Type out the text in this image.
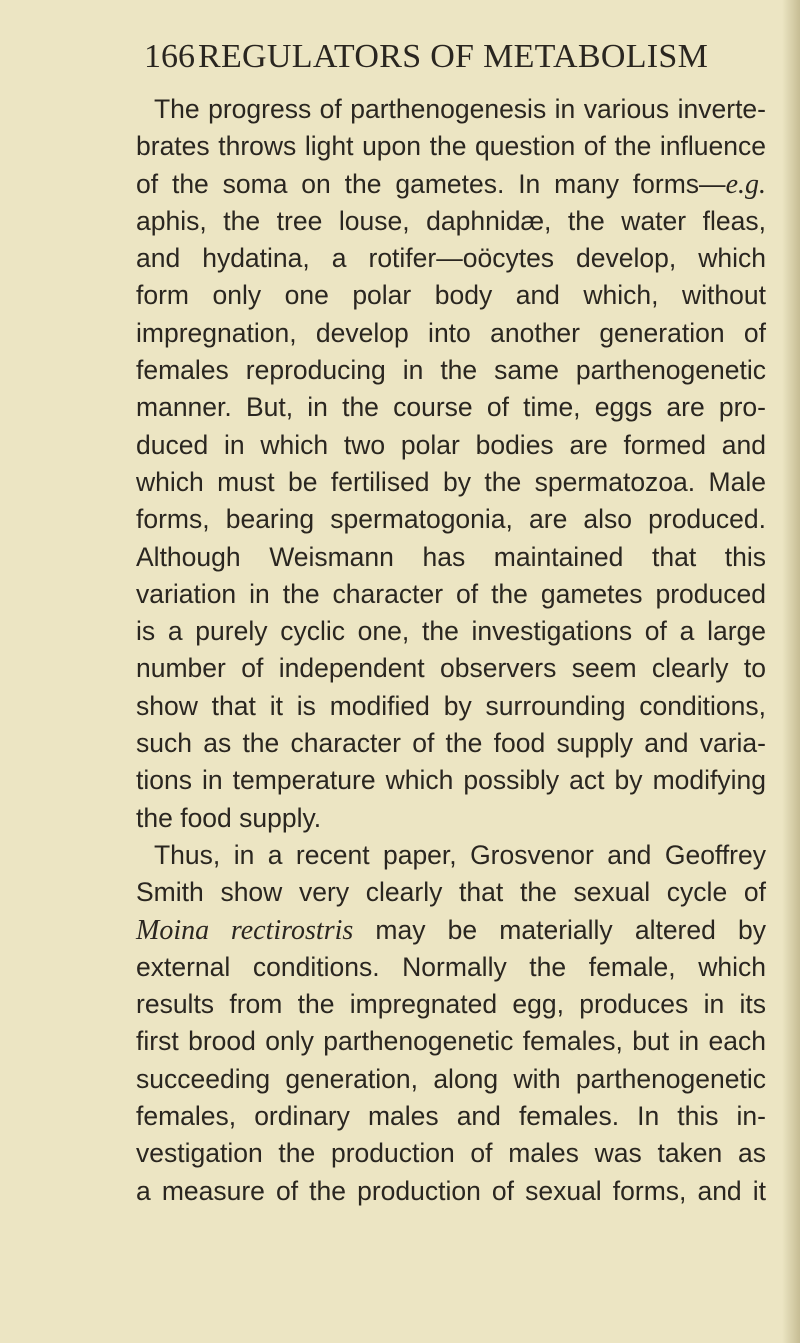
166 REGULATORS OF METABOLISM
The progress of parthenogenesis in various inverte-
brates throws light upon the question of the influence
of the soma on the gametes. In many forms—e.g.
aphis, the tree louse, daphnidæ, the water fleas,
and hydatina, a rotifer—oöcytes develop, which
form only one polar body and which, without
impregnation, develop into another generation of
females reproducing in the same parthenogenetic
manner. But, in the course of time, eggs are pro-
duced in which two polar bodies are formed and
which must be fertilised by the spermatozoa. Male
forms, bearing spermatogonia, are also produced.
Although Weismann has maintained that this
variation in the character of the gametes produced
is a purely cyclic one, the investigations of a large
number of independent observers seem clearly to
show that it is modified by surrounding conditions,
such as the character of the food supply and varia-
tions in temperature which possibly act by modifying
the food supply.
Thus, in a recent paper, Grosvenor and Geoffrey
Smith show very clearly that the sexual cycle of
Moina rectirostris may be materially altered by
external conditions. Normally the female, which
results from the impregnated egg, produces in its
first brood only parthenogenetic females, but in each
succeeding generation, along with parthenogenetic
females, ordinary males and females. In this in-
vestigation the production of males was taken as
a measure of the production of sexual forms, and it
